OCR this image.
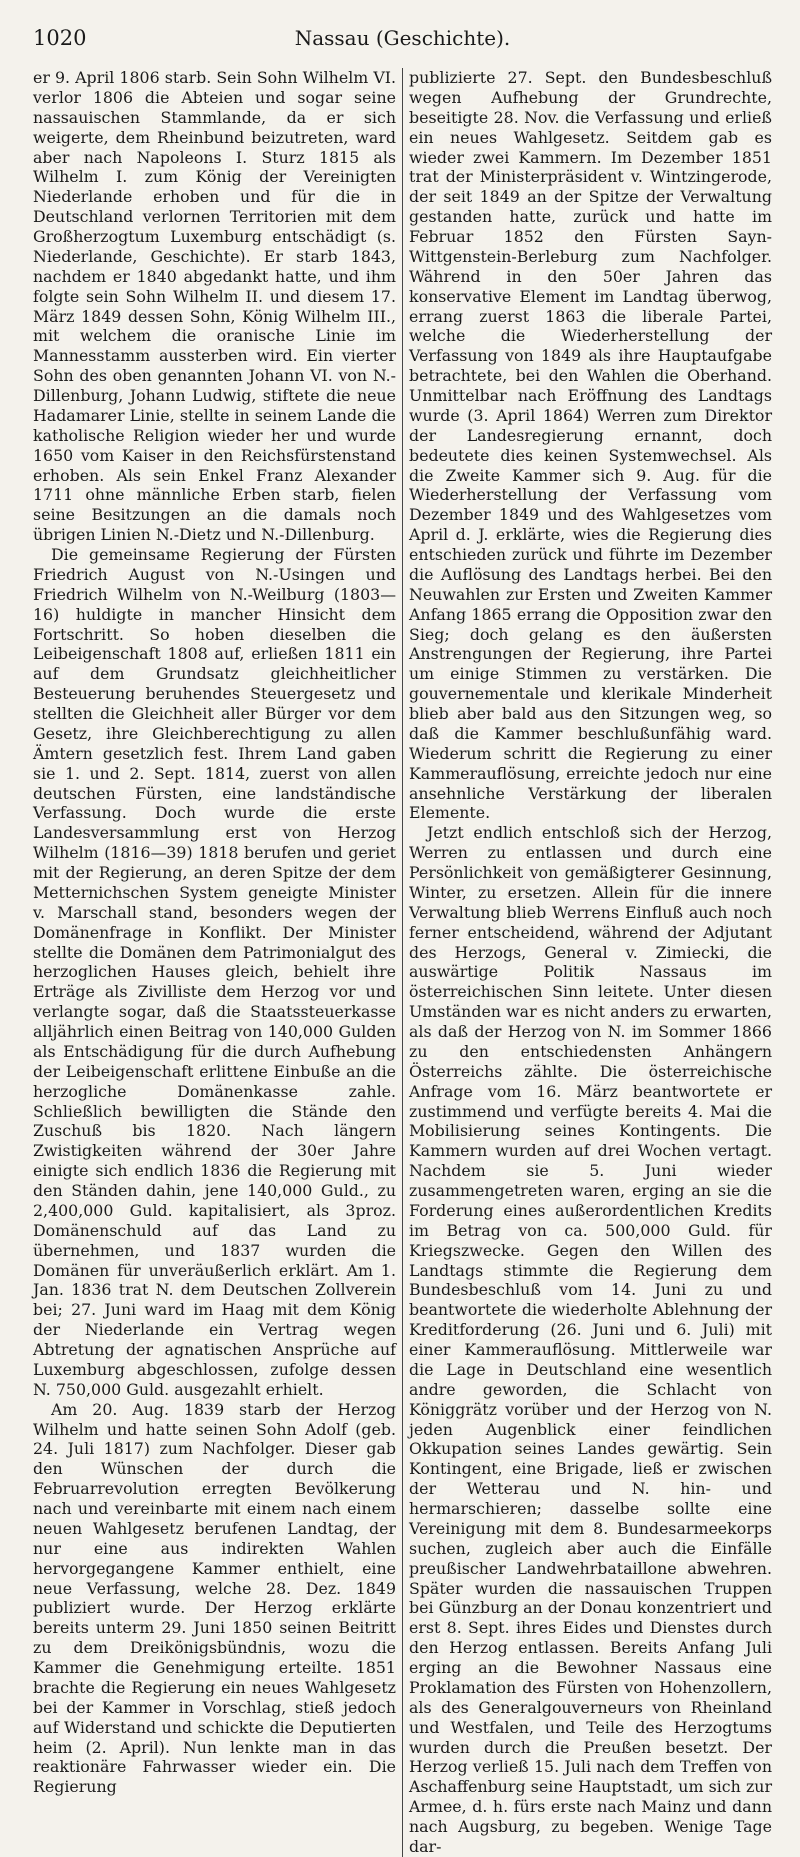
1020	Nassau (Geschichte).

er 9. April 1806 starb. Sein Sohn Wilhelm VI. verlor 1806 die Abteien und sogar seine nassauischen Stammlande, da er sich weigerte, dem Rheinbund beizutreten, ward aber nach Napoleons I. Sturz 1815 als Wilhelm I. zum König der Vereinigten Niederlande erhoben und für die in Deutschland verlornen Territorien mit dem Großherzogtum Luxemburg entschädigt (s. Niederlande, Geschichte). Er starb 1843, nachdem er 1840 abgedankt hatte, und ihm folgte sein Sohn Wilhelm II. und diesem 17. März 1849 dessen Sohn, König Wilhelm III., mit welchem die oranische Linie im Mannesstamm aussterben wird. Ein vierter Sohn des oben genannten Johann VI. von N.-Dillenburg, Johann Ludwig, stiftete die neue Hadamarer Linie, stellte in seinem Lande die katholische Religion wieder her und wurde 1650 vom Kaiser in den Reichsfürstenstand erhoben. Als sein Enkel Franz Alexander 1711 ohne männliche Erben starb, fielen seine Besitzungen an die damals noch übrigen Linien N.-Dietz und N.-Dillenburg.

Die gemeinsame Regierung der Fürsten Friedrich August von N.-Usingen und Friedrich Wilhelm von N.-Weilburg (1803—16) huldigte in mancher Hinsicht dem Fortschritt. So hoben dieselben die Leibeigenschaft 1808 auf, erließen 1811 ein auf dem Grundsatz gleichheitlicher Besteuerung beruhendes Steuergesetz und stellten die Gleichheit aller Bürger vor dem Gesetz, ihre Gleichberechtigung zu allen Ämtern gesetzlich fest. Ihrem Land gaben sie 1. und 2. Sept. 1814, zuerst von allen deutschen Fürsten, eine landständische Verfassung. Doch wurde die erste Landesversammlung erst von Herzog Wilhelm (1816—39) 1818 berufen und geriet mit der Regierung, an deren Spitze der dem Metternichschen System geneigte Minister v. Marschall stand, besonders wegen der Domänenfrage in Konflikt. Der Minister stellte die Domänen dem Patrimonialgut des herzoglichen Hauses gleich, behielt ihre Erträge als Zivilliste dem Herzog vor und verlangte sogar, daß die Staatssteuerkasse alljährlich einen Beitrag von 140,000 Gulden als Entschädigung für die durch Aufhebung der Leibeigenschaft erlittene Einbuße an die herzogliche Domänenkasse zahle. Schließlich bewilligten die Stände den Zuschuß bis 1820. Nach längern Zwistigkeiten während der 30er Jahre einigte sich endlich 1836 die Regierung mit den Ständen dahin, jene 140,000 Guld., zu 2,400,000 Guld. kapitalisiert, als 3proz. Domänenschuld auf das Land zu übernehmen, und 1837 wurden die Domänen für unveräußerlich erklärt. Am 1. Jan. 1836 trat N. dem Deutschen Zollverein bei; 27. Juni ward im Haag mit dem König der Niederlande ein Vertrag wegen Abtretung der agnatischen Ansprüche auf Luxemburg abgeschlossen, zufolge dessen N. 750,000 Guld. ausgezahlt erhielt.

Am 20. Aug. 1839 starb der Herzog Wilhelm und hatte seinen Sohn Adolf (geb. 24. Juli 1817) zum Nachfolger. Dieser gab den Wünschen der durch die Februarrevolution erregten Bevölkerung nach und vereinbarte mit einem nach einem neuen Wahlgesetz berufenen Landtag, der nur eine aus indirekten Wahlen hervorgegangene Kammer enthielt, eine neue Verfassung, welche 28. Dez. 1849 publiziert wurde. Der Herzog erklärte bereits unterm 29. Juni 1850 seinen Beitritt zu dem Dreikönigsbündnis, wozu die Kammer die Genehmigung erteilte. 1851 brachte die Regierung ein neues Wahlgesetz bei der Kammer in Vorschlag, stieß jedoch auf Widerstand und schickte die Deputierten heim (2. April). Nun lenkte man in das reaktionäre Fahrwasser wieder ein. Die Regierung

publizierte 27. Sept. den Bundesbeschluß wegen Aufhebung der Grundrechte, beseitigte 28. Nov. die Verfassung und erließ ein neues Wahlgesetz. Seitdem gab es wieder zwei Kammern. Im Dezember 1851 trat der Ministerpräsident v. Wintzingerode, der seit 1849 an der Spitze der Verwaltung gestanden hatte, zurück und hatte im Februar 1852 den Fürsten Sayn-Wittgenstein-Berleburg zum Nachfolger. Während in den 50er Jahren das konservative Element im Landtag überwog, errang zuerst 1863 die liberale Partei, welche die Wiederherstellung der Verfassung von 1849 als ihre Hauptaufgabe betrachtete, bei den Wahlen die Oberhand. Unmittelbar nach Eröffnung des Landtags wurde (3. April 1864) Werren zum Direktor der Landesregierung ernannt, doch bedeutete dies keinen Systemwechsel. Als die Zweite Kammer sich 9. Aug. für die Wiederherstellung der Verfassung vom Dezember 1849 und des Wahlgesetzes vom April d. J. erklärte, wies die Regierung dies entschieden zurück und führte im Dezember die Auflösung des Landtags herbei. Bei den Neuwahlen zur Ersten und Zweiten Kammer Anfang 1865 errang die Opposition zwar den Sieg; doch gelang es den äußersten Anstrengungen der Regierung, ihre Partei um einige Stimmen zu verstärken. Die gouvernementale und klerikale Minderheit blieb aber bald aus den Sitzungen weg, so daß die Kammer beschlußunfähig ward. Wiederum schritt die Regierung zu einer Kammerauflösung, erreichte jedoch nur eine ansehnliche Verstärkung der liberalen Elemente.

Jetzt endlich entschloß sich der Herzog, Werren zu entlassen und durch eine Persönlichkeit von gemäßigterer Gesinnung, Winter, zu ersetzen. Allein für die innere Verwaltung blieb Werrens Einfluß auch noch ferner entscheidend, während der Adjutant des Herzogs, General v. Zimiecki, die auswärtige Politik Nassaus im österreichischen Sinn leitete. Unter diesen Umständen war es nicht anders zu erwarten, als daß der Herzog von N. im Sommer 1866 zu den entschiedensten Anhängern Österreichs zählte. Die österreichische Anfrage vom 16. März beantwortete er zustimmend und verfügte bereits 4. Mai die Mobilisierung seines Kontingents. Die Kammern wurden auf drei Wochen vertagt. Nachdem sie 5. Juni wieder zusammengetreten waren, erging an sie die Forderung eines außerordentlichen Kredits im Betrag von ca. 500,000 Guld. für Kriegszwecke. Gegen den Willen des Landtags stimmte die Regierung dem Bundesbeschluß vom 14. Juni zu und beantwortete die wiederholte Ablehnung der Kreditforderung (26. Juni und 6. Juli) mit einer Kammerauflösung. Mittlerweile war die Lage in Deutschland eine wesentlich andre geworden, die Schlacht von Königgrätz vorüber und der Herzog von N. jeden Augenblick einer feindlichen Okkupation seines Landes gewärtig. Sein Kontingent, eine Brigade, ließ er zwischen der Wetterau und N. hin- und hermarschieren; dasselbe sollte eine Vereinigung mit dem 8. Bundesarmeekorps suchen, zugleich aber auch die Einfälle preußischer Landwehrbataillone abwehren. Später wurden die nassauischen Truppen bei Günzburg an der Donau konzentriert und erst 8. Sept. ihres Eides und Dienstes durch den Herzog entlassen. Bereits Anfang Juli erging an die Bewohner Nassaus eine Proklamation des Fürsten von Hohenzollern, als des Generalgouverneurs von Rheinland und Westfalen, und Teile des Herzogtums wurden durch die Preußen besetzt. Der Herzog verließ 15. Juli nach dem Treffen von Aschaffenburg seine Hauptstadt, um sich zur Armee, d. h. fürs erste nach Mainz und dann nach Augsburg, zu begeben. Wenige Tage dar-
